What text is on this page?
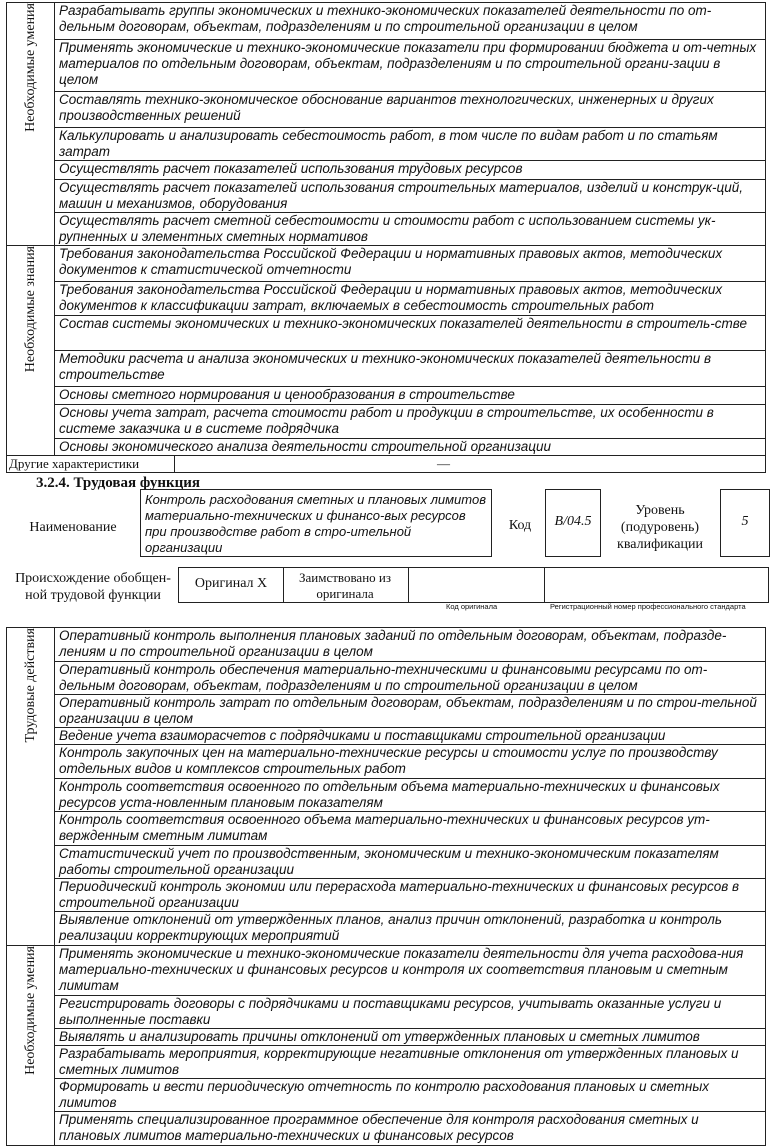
Необходимые умения	Разрабатывать группы экономических и технико-экономических показателей деятельности по от-дельным договорам, объектам, подразделениям и по строительной организации в целом
	Применять экономические и технико-экономические показатели при формировании бюджета и от-четных материалов по отдельным договорам, объектам, подразделениям и по строительной органи-зации в целом
	Составлять технико-экономическое обоснование вариантов технологических, инженерных и других производственных решений
	Калькулировать и анализировать себестоимость работ, в том числе по видам работ и по статьям затрат
	Осуществлять расчет показателей использования трудовых ресурсов
	Осуществлять расчет показателей использования строительных материалов, изделий и конструк-ций, машин и механизмов, оборудования
	Осуществлять расчет сметной себестоимости и стоимости работ с использованием системы ук-рупненных и элементных сметных нормативов
Необходимые знания	Требования законодательства Российской Федерации и нормативных правовых актов, методических документов к статистической отчетности
	Требования законодательства Российской Федерации и нормативных правовых актов, методических документов к классификации затрат, включаемых в себестоимость строительных работ
	Состав системы экономических и технико-экономических показателей деятельности в строитель-стве
	Методики расчета и анализа экономических и технико-экономических показателей деятельности в строительстве
	Основы сметного нормирования и ценообразования в строительстве
	Основы учета затрат, расчета стоимости работ и продукции в строительстве, их особенности в системе заказчика и в системе подрядчика
	Основы экономического анализа деятельности строительной организации
Другие характеристики —	
3.2.4. Трудовая функция
Наименование
Контроль расходования сметных и плановых лимитов материально-технических и финансо-вых ресурсов при производстве работ в стро-ительной организации
Код	В/04.5
Уровень (подуровень) квалификации
5
Происхождение обобщен-ной трудовой функции
Оригинал X	Заимствовано из оригинала
Код оригинала	Регистрационный номер профессионального стандарта
Трудовые действия	Оперативный контроль выполнения плановых заданий по отдельным договорам, объектам, подразде-лениям и по строительной организации в целом
	Оперативный контроль обеспечения материально-техническими и финансовыми ресурсами по от-дельным договорам, объектам, подразделениям и по строительной организации в целом
	Оперативный контроль затрат по отдельным договорам, объектам, подразделениям и по строи-тельной организации в целом
	Ведение учета взаиморасчетов с подрядчиками и поставщиками строительной организации
	Контроль закупочных цен на материально-технические ресурсы и стоимости услуг по производству отдельных видов и комплексов строительных работ
	Контроль соответствия освоенного по отдельным объема материально-технических и финансовых ресурсов уста-новленным плановым показателям
	Контроль соответствия освоенного объема материально-технических и финансовых ресурсов ут-вержденным сметным лимитам
	Статистический учет по производственным, экономическим и технико-экономическим показателям работы строительной организации
	Периодический контроль экономии или перерасхода материально-технических и финансовых ресурсов в строительной организации
	Выявление отклонений от утвержденных планов, анализ причин отклонений, разработка и контроль реализации корректирующих мероприятий
Необходимые умения	Применять экономические и технико-экономические показатели деятельности для учета расходова-ния материально-технических и финансовых ресурсов и контроля их соответствия плановым и сметным лимитам
	Регистрировать договоры с подрядчиками и поставщиками ресурсов, учитывать оказанные услуги и выполненные поставки
	Выявлять и анализировать причины отклонений от утвержденных плановых и сметных лимитов
	Разрабатывать мероприятия, корректирующие негативные отклонения от утвержденных плановых и сметных лимитов
	Формировать и вести периодическую отчетность по контролю расходования плановых и сметных лимитов
	Применять специализированное программное обеспечение для контроля расходования сметных и плановых лимитов материально-технических и финансовых ресурсов
